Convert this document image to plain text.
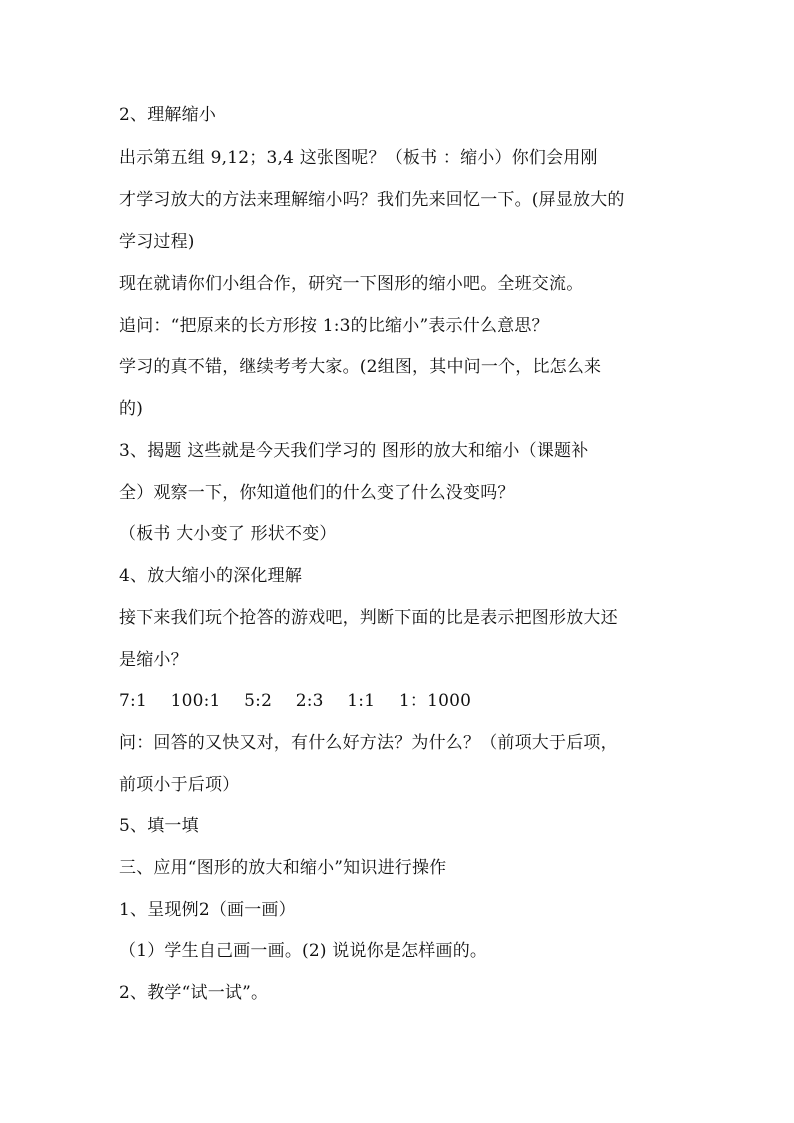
2、理解缩小
出示第五组 9,12；3,4 这张图呢？（板书 ：缩小）你们会用刚
才学习放大的方法来理解缩小吗？我们先来回忆一下。(屏显放大的
学习过程)
现在就请你们小组合作，研究一下图形的缩小吧。全班交流。
追问：“把原来的长方形按 1:3的比缩小”表示什么意思？
学习的真不错，继续考考大家。(2组图，其中问一个，比怎么来
的)
3、揭题 这些就是今天我们学习的 图形的放大和缩小（课题补
全）观察一下，你知道他们的什么变了什么没变吗？
（板书 大小变了 形状不变）
4、放大缩小的深化理解
接下来我们玩个抢答的游戏吧，判断下面的比是表示把图形放大还
是缩小？
7:1 100:1 5:2 2:3 1:1 1：1000
问：回答的又快又对，有什么好方法？为什么？（前项大于后项，
前项小于后项）
5、填一填
三、应用“图形的放大和缩小”知识进行操作
1、呈现例2（画一画）
（1）学生自己画一画。(2) 说说你是怎样画的。
2、教学“试一试”。
